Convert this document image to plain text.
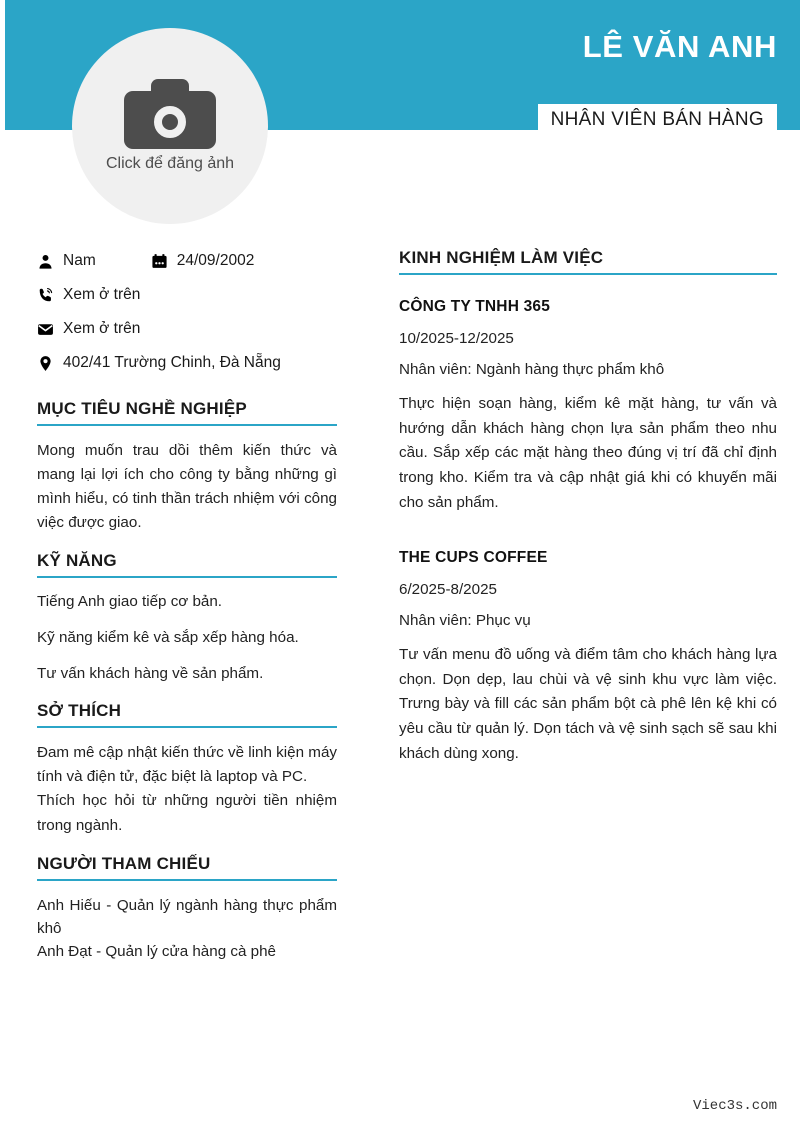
LÊ VĂN ANH
NHÂN VIÊN BÁN HÀNG
Click để đăng ảnh
Nam	24/09/2002
Xem ở trên
Xem ở trên
402/41 Trường Chinh, Đà Nẵng
MỤC TIÊU NGHỀ NGHIỆP
Mong muốn trau dồi thêm kiến thức và mang lại lợi ích cho công ty bằng những gì mình hiểu, có tinh thần trách nhiệm với công việc được giao.
KỸ NĂNG
Tiếng Anh giao tiếp cơ bản.
Kỹ năng kiểm kê và sắp xếp hàng hóa.
Tư vấn khách hàng về sản phẩm.
SỞ THÍCH
Đam mê cập nhật kiến thức về linh kiện máy tính và điện tử, đặc biệt là laptop và PC.
Thích học hỏi từ những người tiền nhiệm trong ngành.
NGƯỜI THAM CHIẾU
Anh Hiếu - Quản lý ngành hàng thực phẩm khô
Anh Đạt - Quản lý cửa hàng cà phê
KINH NGHIỆM LÀM VIỆC
CÔNG TY TNHH 365
10/2025-12/2025
Nhân viên: Ngành hàng thực phẩm khô
Thực hiện soạn hàng, kiểm kê mặt hàng, tư vấn và hướng dẫn khách hàng chọn lựa sản phẩm theo nhu cầu. Sắp xếp các mặt hàng theo đúng vị trí đã chỉ định trong kho. Kiểm tra và cập nhật giá khi có khuyến mãi cho sản phẩm.
THE CUPS COFFEE
6/2025-8/2025
Nhân viên: Phục vụ
Tư vấn menu đồ uống và điểm tâm cho khách hàng lựa chọn. Dọn dẹp, lau chùi và vệ sinh khu vực làm việc. Trưng bày và fill các sản phẩm bột cà phê lên kệ khi có yêu cầu từ quản lý. Dọn tách và vệ sinh sạch sẽ sau khi khách dùng xong.
Viec3s.com
